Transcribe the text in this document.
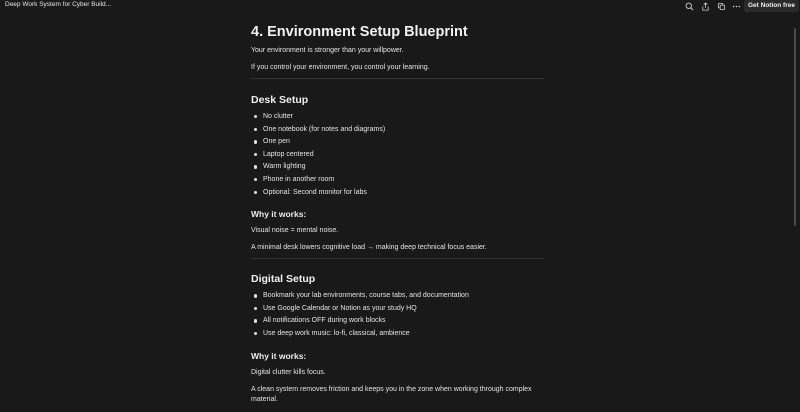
Deep Work System for Cyber Build...	Get Notion free
4. Environment Setup Blueprint

Your environment is stronger than your willpower.

If you control your environment, you control your learning.

Desk Setup
No clutter
One notebook (for notes and diagrams)
One pen
Laptop centered
Warm lighting
Phone in another room
Optional: Second monitor for labs
Why it works:

Visual noise = mental noise.

A minimal desk lowers cognitive load → making deep technical focus easier.

Digital Setup
Bookmark your lab environments, course tabs, and documentation
Use Google Calendar or Notion as your study HQ
All notifications OFF during work blocks
Use deep work music: lo-fi, classical, ambience
Why it works:

Digital clutter kills focus.

A clean system removes friction and keeps you in the zone when working through complex material.
